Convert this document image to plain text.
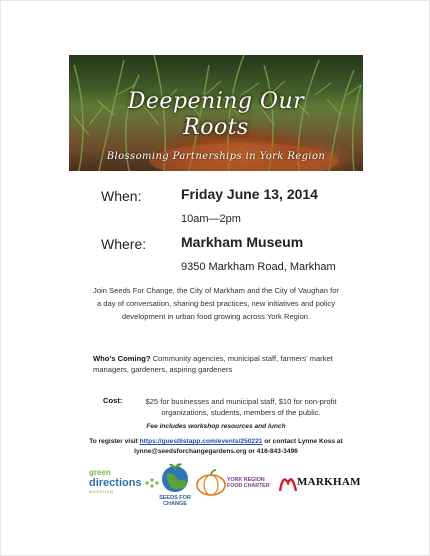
Deepening Our
Roots
Blossoming Partnerships in York Region
When:	Friday June 13, 2014
10am—2pm
Where: Markham Museum
9350 Markham Road, Markham
Join Seeds For Change, the City of Markham and the City of Vaughan for a day of conversation, sharing best practices, new initiatives and policy development in urban food growing across York Region.
Who's Coming? Community agencies, municipal staff, farmers' market managers, gardeners, aspiring gardeners
Cost:	$25 for businesses and municipal staff, $10 for non-profit organizations, students, members of the public.
Fee includes workshop resources and lunch
To register visit https://guestlistapp.com/events/250221 or contact Lynne Koss at
lynne@seedsforchangegardens.org or 416-843-3496
green
directions
MARKHAM
SEEDS FOR
CHANGE
YORK REGION
FOOD CHARTER	MARKHAM
